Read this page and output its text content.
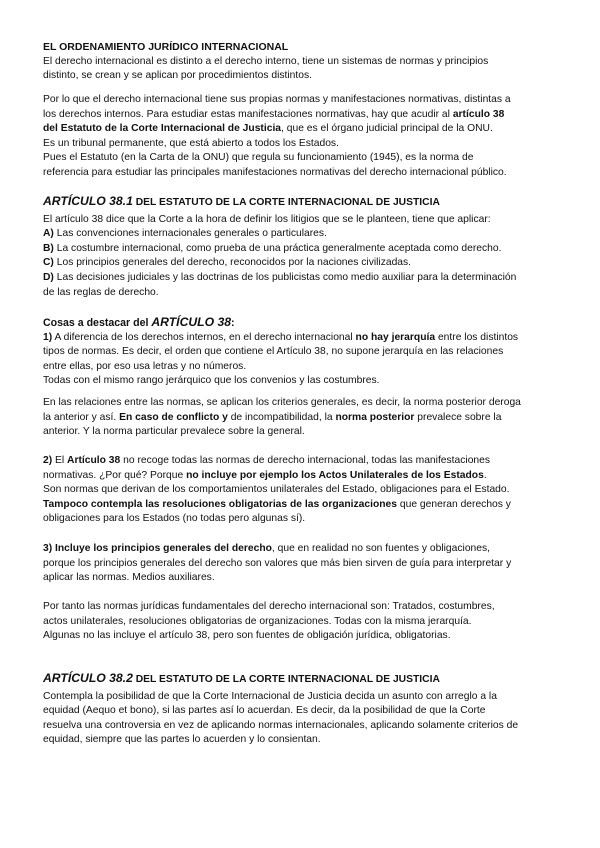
EL ORDENAMIENTO JURÍDICO INTERNACIONAL

El derecho internacional es distinto a el derecho interno, tiene un sistemas de normas y principios

distinto, se crean y se aplican por procedimientos distintos.

Por lo que el derecho internacional tiene sus propias normas y manifestaciones normativas, distintas a

los derechos internos. Para estudiar estas manifestaciones normativas, hay que acudir al artículo 38

del Estatuto de la Corte Internacional de Justicia, que es el órgano judicial principal de la ONU.

Es un tribunal permanente, que está abierto a todos los Estados.

Pues el Estatuto (en la Carta de la ONU) que regula su funcionamiento (1945), es la norma de

referencia para estudiar las principales manifestaciones normativas del derecho internacional público.

ARTÍCULO 38.1 DEL ESTATUTO DE LA CORTE INTERNACIONAL DE JUSTICIA

El artículo 38 dice que la Corte a la hora de definir los litigios que se le planteen, tiene que aplicar:

A) Las convenciones internacionales generales o particulares.

B) La costumbre internacional, como prueba de una práctica generalmente aceptada como derecho.

C) Los principios generales del derecho, reconocidos por la naciones civilizadas.

D) Las decisiones judiciales y las doctrinas de los publicistas como medio auxiliar para la determinación

de las reglas de derecho.

Cosas a destacar del ARTÍCULO 38:

1) A diferencia de los derechos internos, en el derecho internacional no hay jerarquía entre los distintos

tipos de normas. Es decir, el orden que contiene el Artículo 38, no supone jerarquía en las relaciones

entre ellas, por eso usa letras y no números.

Todas con el mismo rango jerárquico que los convenios y las costumbres.

En las relaciones entre las normas, se aplican los criterios generales, es decir, la norma posterior deroga

la anterior y así. En caso de conflicto y de incompatibilidad, la norma posterior prevalece sobre la

anterior. Y la norma particular prevalece sobre la general.

2) El Artículo 38 no recoge todas las normas de derecho internacional, todas las manifestaciones

normativas. ¿Por qué? Porque no incluye por ejemplo los Actos Unilaterales de los Estados.

Son normas que derivan de los comportamientos unilaterales del Estado, obligaciones para el Estado.

Tampoco contempla las resoluciones obligatorias de las organizaciones que generan derechos y

obligaciones para los Estados (no todas pero algunas sí).

3) Incluye los principios generales del derecho, que en realidad no son fuentes y obligaciones,

porque los principios generales del derecho son valores que más bien sirven de guía para interpretar y

aplicar las normas. Medios auxiliares.

Por tanto las normas jurídicas fundamentales del derecho internacional son: Tratados, costumbres,

actos unilaterales, resoluciones obligatorias de organizaciones. Todas con la misma jerarquía.

Algunas no las incluye el artículo 38, pero son fuentes de obligación jurídica, obligatorias.

ARTÍCULO 38.2 DEL ESTATUTO DE LA CORTE INTERNACIONAL DE JUSTICIA

Contempla la posibilidad de que la Corte Internacional de Justicia decida un asunto con arreglo a la

equidad (Aequo et bono), si las partes así lo acuerdan. Es decir, da la posibilidad de que la Corte

resuelva una controversia en vez de aplicando normas internacionales, aplicando solamente criterios de

equidad, siempre que las partes lo acuerden y lo consientan.
